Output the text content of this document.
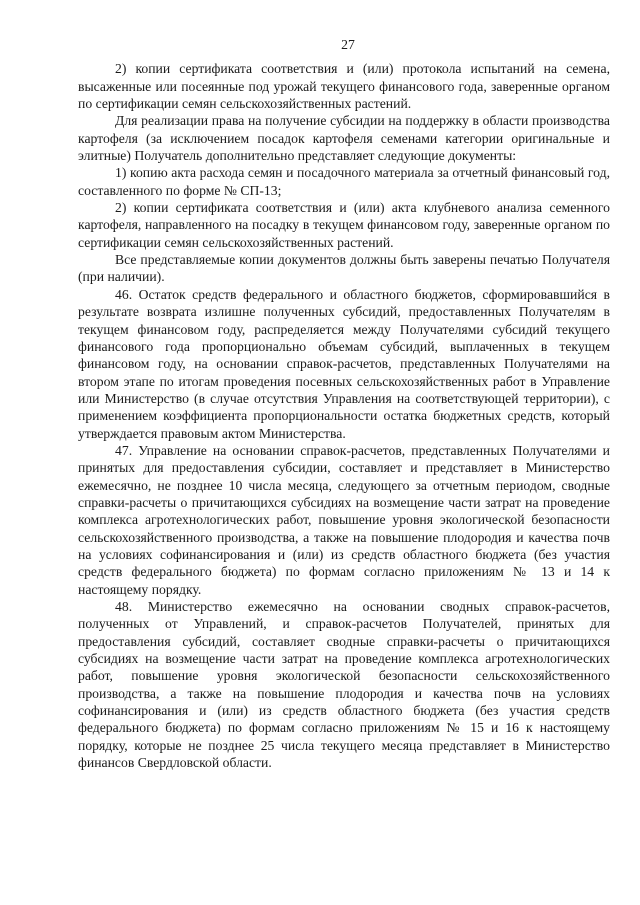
27

2) копии сертификата соответствия и (или) протокола испытаний на семена, высаженные или посеянные под урожай текущего финансового года, заверенные органом по сертификации семян сельскохозяйственных растений.

Для реализации права на получение субсидии на поддержку в области производства картофеля (за исключением посадок картофеля семенами категории оригинальные и элитные) Получатель дополнительно представляет следующие документы:

1) копию акта расхода семян и посадочного материала за отчетный финансовый год, составленного по форме № СП-13;

2) копии сертификата соответствия и (или) акта клубневого анализа семенного картофеля, направленного на посадку в текущем финансовом году, заверенные органом по сертификации семян сельскохозяйственных растений.

Все представляемые копии документов должны быть заверены печатью Получателя (при наличии).

46. Остаток средств федерального и областного бюджетов, сформировавшийся в результате возврата излишне полученных субсидий, предоставленных Получателям в текущем финансовом году, распределяется между Получателями субсидий текущего финансового года пропорционально объемам субсидий, выплаченных в текущем финансовом году, на основании справок-расчетов, представленных Получателями на втором этапе по итогам проведения посевных сельскохозяйственных работ в Управление или Министерство (в случае отсутствия Управления на соответствующей территории), с применением коэффициента пропорциональности остатка бюджетных средств, который утверждается правовым актом Министерства.

47. Управление на основании справок-расчетов, представленных Получателями и принятых для предоставления субсидии, составляет и представляет в Министерство ежемесячно, не позднее 10 числа месяца, следующего за отчетным периодом, сводные справки-расчеты о причитающихся субсидиях на возмещение части затрат на проведение комплекса агротехнологических работ, повышение уровня экологической безопасности сельскохозяйственного производства, а также на повышение плодородия и качества почв на условиях софинансирования и (или) из средств областного бюджета (без участия средств федерального бюджета) по формам согласно приложениям № 13 и 14 к настоящему порядку.

48. Министерство ежемесячно на основании сводных справок-расчетов, полученных от Управлений, и справок-расчетов Получателей, принятых для предоставления субсидий, составляет сводные справки-расчеты о причитающихся субсидиях на возмещение части затрат на проведение комплекса агротехнологических работ, повышение уровня экологической безопасности сельскохозяйственного производства, а также на повышение плодородия и качества почв на условиях софинансирования и (или) из средств областного бюджета (без участия средств федерального бюджета) по формам согласно приложениям № 15 и 16 к настоящему порядку, которые не позднее 25 числа текущего месяца представляет в Министерство финансов Свердловской области.
